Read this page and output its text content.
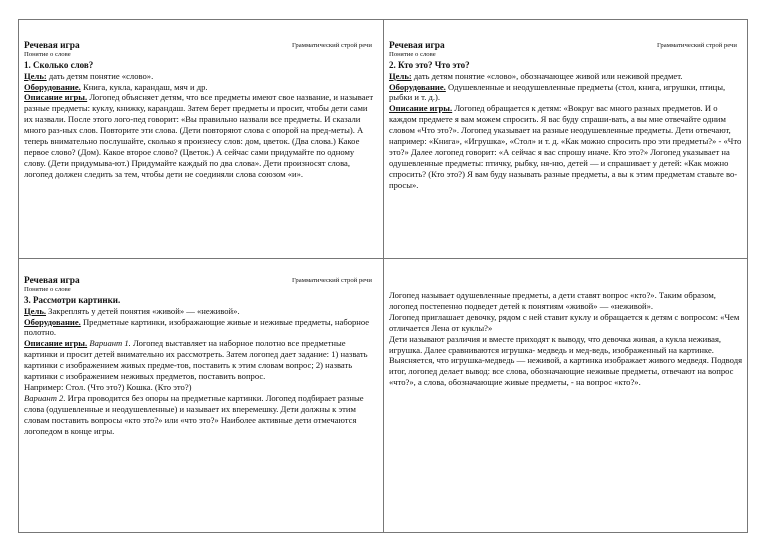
Речевая игра	Грамматический строй речи
Понятие о слове
1. Сколько слов?

Цель: дать детям понятие «слово».

Оборудование. Книга, кукла, карандаш, мяч и др.

Описание игры. Логопед объясняет детям, что все предметы имеют свое название, и называет разные предметы: куклу, книжку, карандаш. Затем берет предметы и просит, чтобы дети сами их назвали. После этого лого-пед говорит: «Вы правильно назвали все предметы. И сказали много раз-ных слов. Повторите эти слова. (Дети повторяют слова с опорой на пред-меты). А теперь внимательно послушайте, сколько я произнесу слов: дом, цветок. (Два слова.) Какое первое слово? (Дом). Какое второе слово? (Цветок.) А сейчас сами придумайте по одному слову. (Дети придумыва-ют.) Придумайте каждый по два слова». Дети произносят слова, логопед должен следить за тем, чтобы дети не соединяли слова союзом «и».

Речевая игра	Грамматический строй речи
Понятие о слове
2. Кто это? Что это?

Цель: дать детям понятие «слово», обозначающее живой или неживой предмет.

Оборудование. Одушевленные и неодушевленные предметы (стол, книга, игрушки, птицы, рыбки и т. д.).

Описание игры. Логопед обращается к детям: «Вокруг вас много разных предметов. И о каждом предмете я вам можем спросить. Я вас буду спраши-вать, а вы мне отвечайте одним словом «Что это?». Логопед указывает на разные неодушевленные предметы. Дети отвечают, например: «Книга», «Игрушка», «Стол» и т. д. «Как можно спросить про эти предметы?» - «Что это?» Далее логопед говорит: «А сейчас я вас спрошу иначе. Кто это?» Логопед указывает на одушевленные предметы: птичку, рыбку, ня-ню, детей — и спрашивает у детей: «Как можно спросить? (Кто это?) Я вам буду называть разные предметы, а вы к этим предметам ставьте во-просы».

Речевая игра	Грамматический строй речи
Понятие о слове
3. Рассмотри картинки.

Цель. Закреплять у детей понятия «живой» — «неживой».

Оборудование. Предметные картинки, изображающие живые и неживые предметы, наборное полотно.

Описание игры. Вариант 1. Логопед выставляет на наборное полотно все предметные картинки и просит детей внимательно их рассмотреть. Затем логопед дает задание: 1) назвать картинки с изображением живых предме-тов, поставить к этим словам вопрос; 2) назвать картинки с изображением неживых предметов, поставить вопрос.

Например: Стол. (Что это?) Кошка. (Кто это?)

Вариант 2. Игра проводится без опоры на предметные картинки. Логопед подбирает разные слова (одушевленные и неодушевленные) и называет их вперемешку. Дети должны к этим словам поставить вопросы «кто это?» или «что это?» Наиболее активные дети отмечаются логопедом в конце игры.

Логопед называет одушевленные предметы, а дети ставят вопрос «кто?». Таким образом, логопед постепенно подведет детей к понятиям «живой» — «неживой».

Логопед приглашает девочку, рядом с ней ставит куклу и обращается к детям с вопросом: «Чем отличается Лена от куклы?»

Дети называют различия и вместе приходят к выводу, что девочка живая, а кукла неживая, игрушка. Далее сравниваются игрушка- медведь и мед-ведь, изображенный на картинке. Выясняется, что игрушка-медведь — неживой, а картинка изображает живого медведя. Подводя итог, логопед делает вывод: все слова, обозначающие неживые предметы, отвечают на вопрос «что?», а слова, обозначающие живые предметы, - на вопрос «кто?».
